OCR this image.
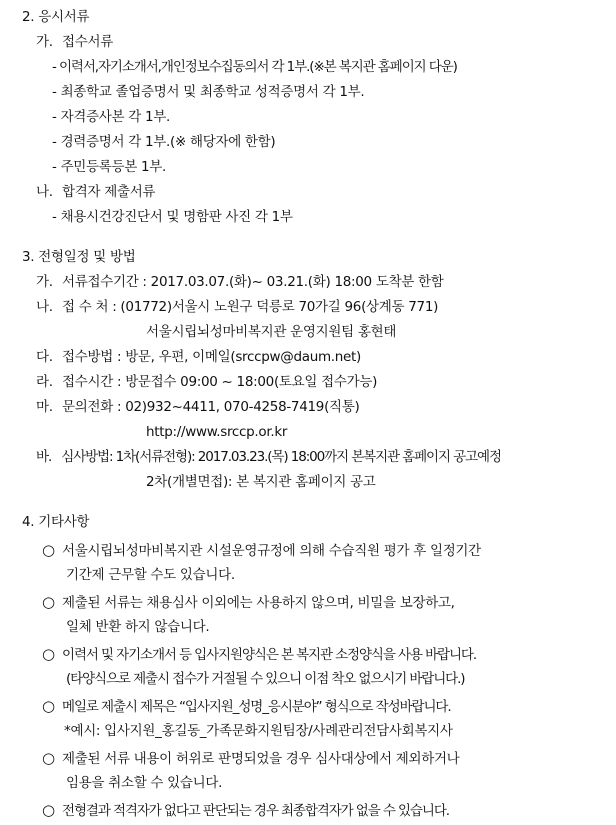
2. 응시서류
가. 접수서류
- 이력서,자기소개서,개인정보수집동의서 각 1부.(※본 복지관 홈페이지 다운)
- 최종학교 졸업증명서 및 최종학교 성적증명서 각 1부.
- 자격증사본 각 1부.
- 경력증명서 각 1부.(※ 해당자에 한함)
- 주민등록등본 1부.
나. 합격자 제출서류
- 채용시건강진단서 및 명함판 사진 각 1부
3. 전형일정 및 방법
가. 서류접수기간 : 2017.03.07.(화)~ 03.21.(화) 18:00 도착분 한함
나. 접 수 처 : (01772)서울시 노원구 덕릉로 70가길 96(상계동 771)
서울시립뇌성마비복지관 운영지원팀 홍현태
다. 접수방법 : 방문, 우편, 이메일(srccpw@daum.net)
라. 접수시간 : 방문접수 09:00 ~ 18:00(토요일 접수가능)
마. 문의전화 : 02)932~4411, 070-4258-7419(직통)
http://www.srccp.or.kr
바. 심사방법: 1차(서류전형): 2017.03.23.(목) 18:00까지 본복지관 홈페이지 공고예정
2차(개별면접): 본 복지관 홈페이지 공고
4. 기타사항
○ 서울시립뇌성마비복지관 시설운영규정에 의해 수습직원 평가 후 일정기간
기간제 근무할 수도 있습니다.
○ 제출된 서류는 채용심사 이외에는 사용하지 않으며, 비밀을 보장하고,
일체 반환 하지 않습니다.
○ 이력서 및 자기소개서 등 입사지원양식은 본 복지관 소정양식을 사용 바랍니다.
(타양식으로 제출시 접수가 거절될 수 있으니 이점 착오 없으시기 바랍니다.)
○ 메일로 제출시 제목은 “입사지원_성명_응시분야” 형식으로 작성바랍니다.
*예시: 입사지원_홍길동_가족문화지원팀장/사례관리전담사회복지사
○ 제출된 서류 내용이 허위로 판명되었을 경우 심사대상에서 제외하거나
임용을 취소할 수 있습니다.
○ 전형결과 적격자가 없다고 판단되는 경우 최종합격자가 없을 수 있습니다.
